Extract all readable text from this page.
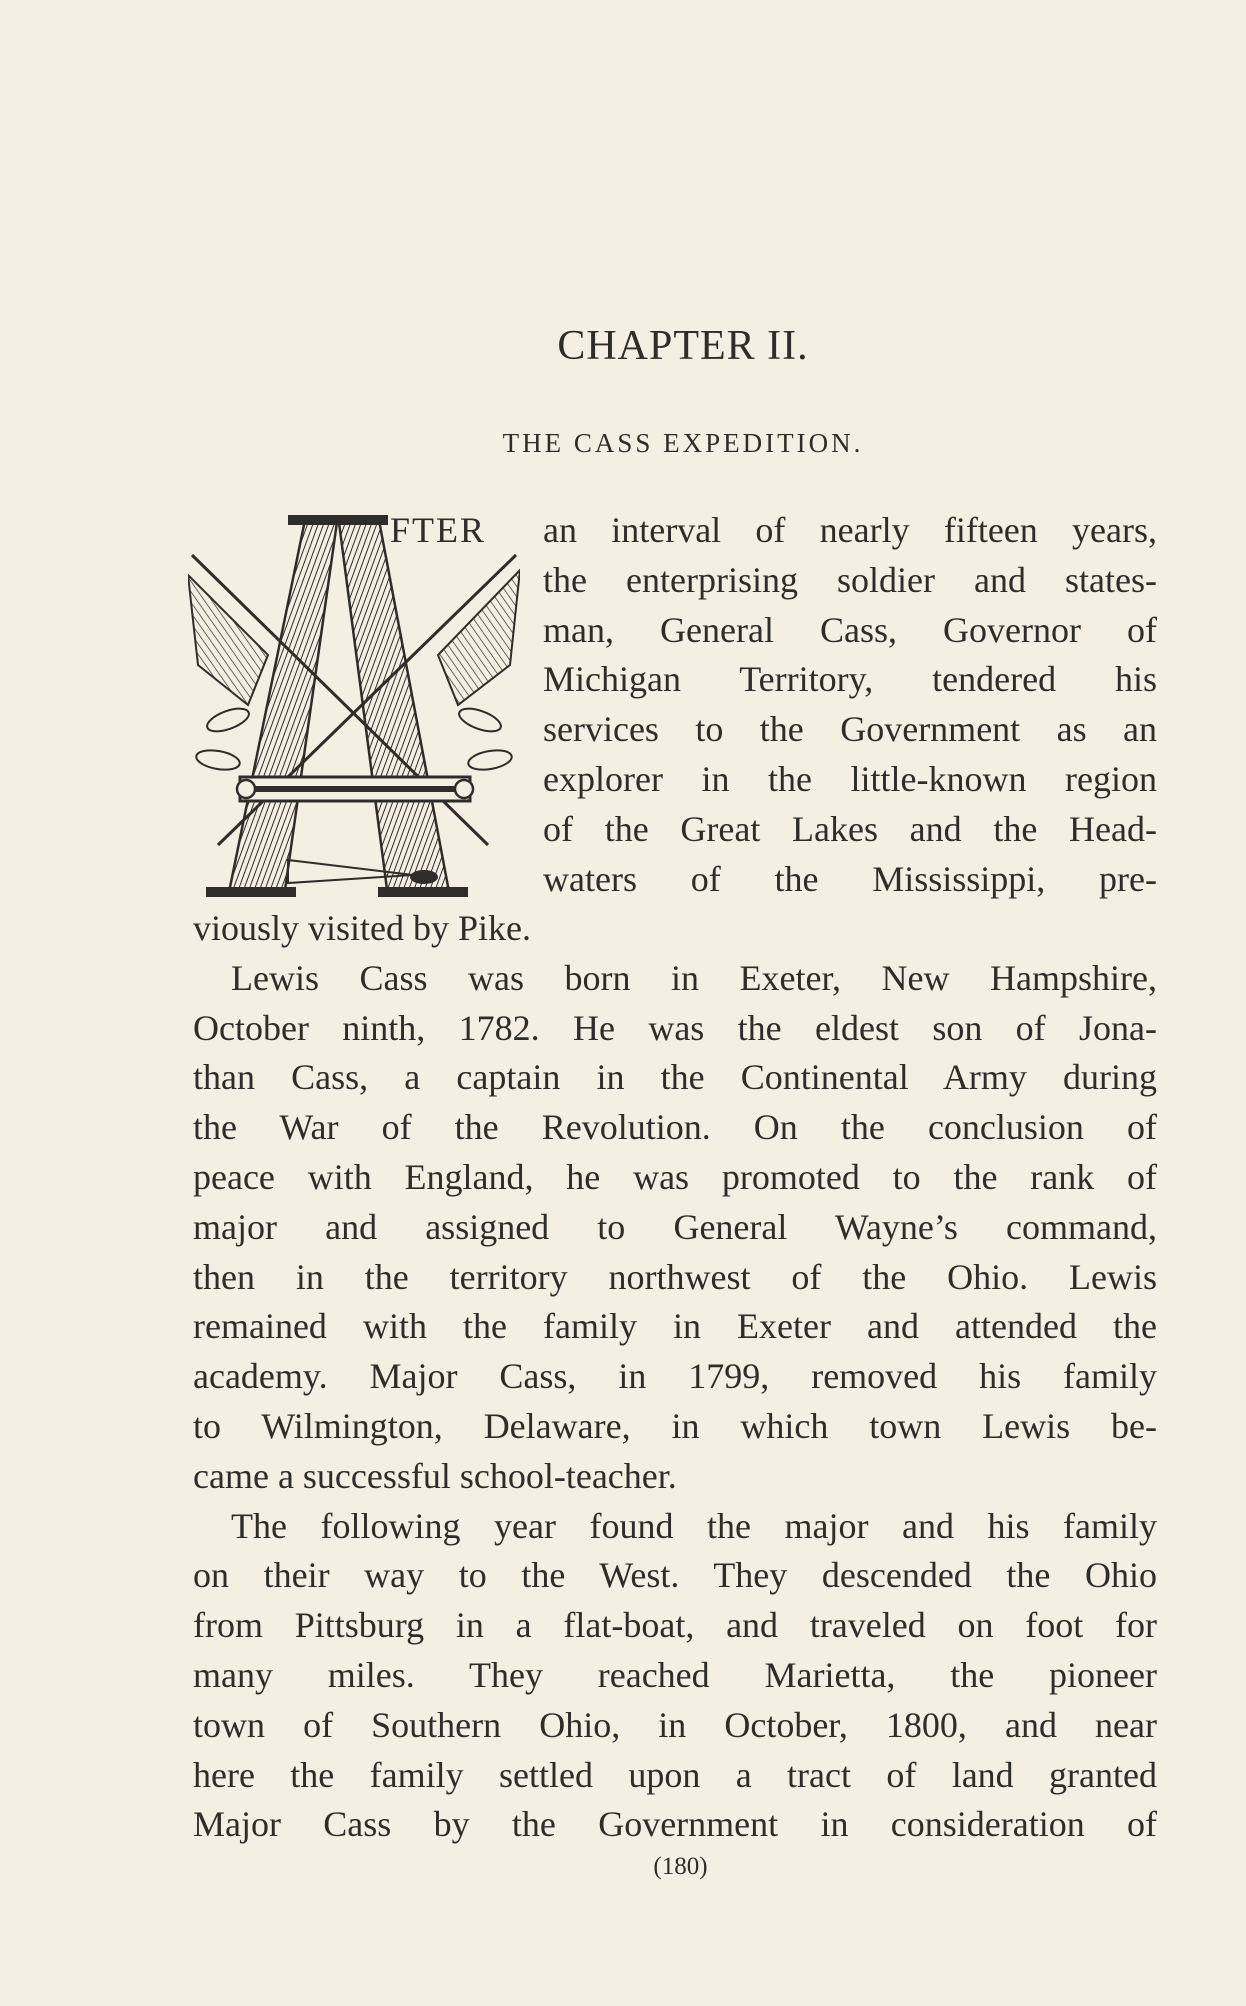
CHAPTER II.
THE CASS EXPEDITION.
FTER an interval of nearly fifteen years,
the enterprising soldier and states-
man, General Cass, Governor of
Michigan Territory, tendered his
services to the Government as an
explorer in the little-known region
of the Great Lakes and the Head-
waters of the Mississippi, pre-
viously visited by Pike.
Lewis Cass was born in Exeter, New Hampshire,
October ninth, 1782. He was the eldest son of Jona-
than Cass, a captain in the Continental Army during
the War of the Revolution. On the conclusion of
peace with England, he was promoted to the rank of
major and assigned to General Wayne’s command,
then in the territory northwest of the Ohio. Lewis
remained with the family in Exeter and attended the
academy. Major Cass, in 1799, removed his family
to Wilmington, Delaware, in which town Lewis be-
came a successful school-teacher.
The following year found the major and his family
on their way to the West. They descended the Ohio
from Pittsburg in a flat-boat, and traveled on foot for
many miles. They reached Marietta, the pioneer
town of Southern Ohio, in October, 1800, and near
here the family settled upon a tract of land granted
Major Cass by the Government in consideration of
(180)
